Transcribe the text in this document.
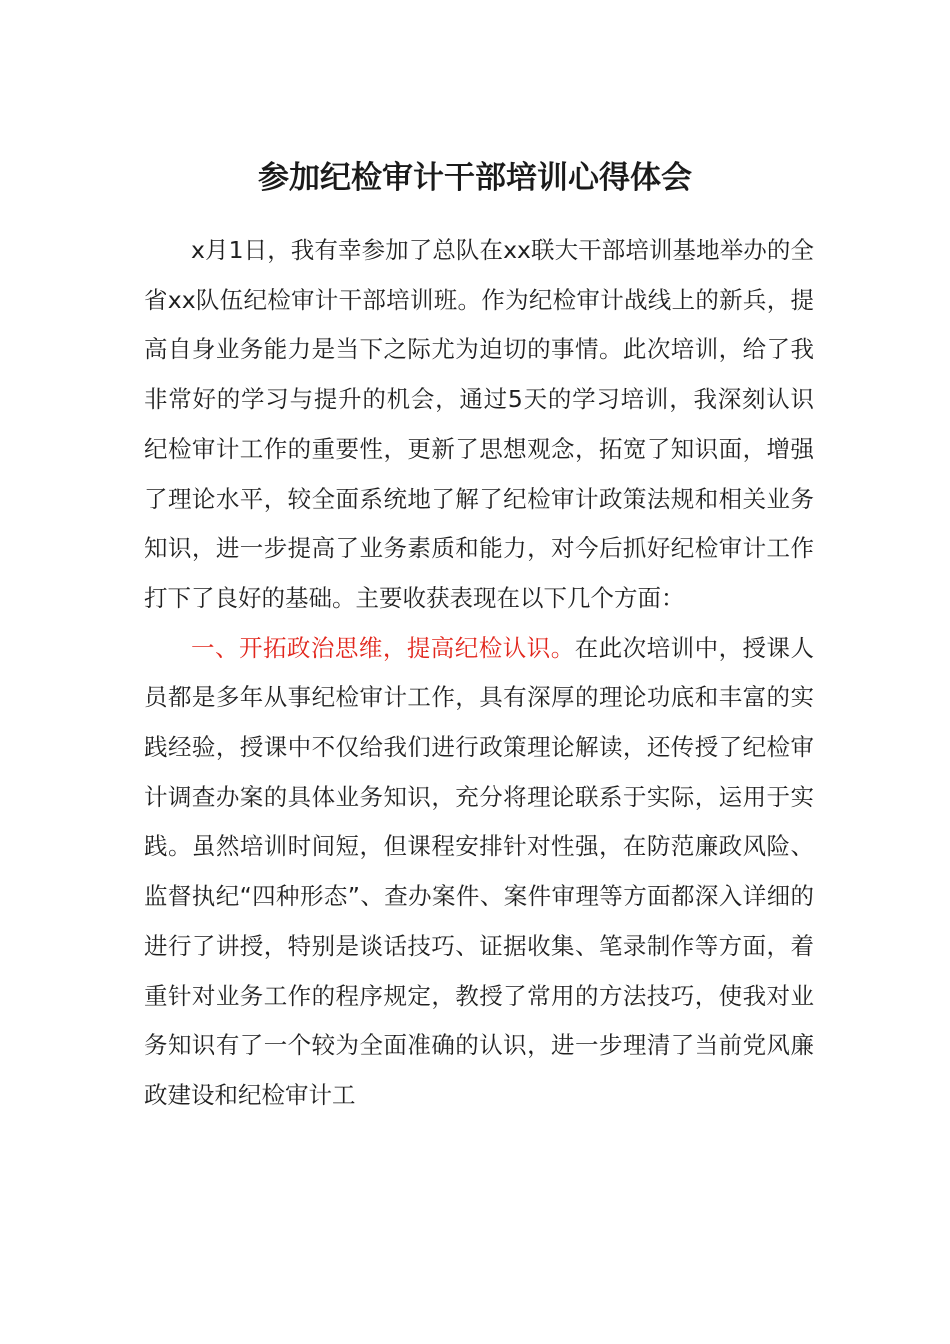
参加纪检审计干部培训心得体会

x月1日，我有幸参加了总队在xx联大干部培训基地举办的全省xx队伍纪检审计干部培训班。作为纪检审计战线上的新兵，提高自身业务能力是当下之际尤为迫切的事情。此次培训，给了我非常好的学习与提升的机会，通过5天的学习培训，我深刻认识纪检审计工作的重要性，更新了思想观念，拓宽了知识面，增强了理论水平，较全面系统地了解了纪检审计政策法规和相关业务知识，进一步提高了业务素质和能力，对今后抓好纪检审计工作打下了良好的基础。主要收获表现在以下几个方面：

一、开拓政治思维，提高纪检认识。在此次培训中，授课人员都是多年从事纪检审计工作，具有深厚的理论功底和丰富的实践经验，授课中不仅给我们进行政策理论解读，还传授了纪检审计调查办案的具体业务知识，充分将理论联系于实际，运用于实践。虽然培训时间短，但课程安排针对性强，在防范廉政风险、监督执纪“四种形态”、查办案件、案件审理等方面都深入详细的进行了讲授，特别是谈话技巧、证据收集、笔录制作等方面，着重针对业务工作的程序规定，教授了常用的方法技巧，使我对业务知识有了一个较为全面准确的认识，进一步理清了当前党风廉政建设和纪检审计工
